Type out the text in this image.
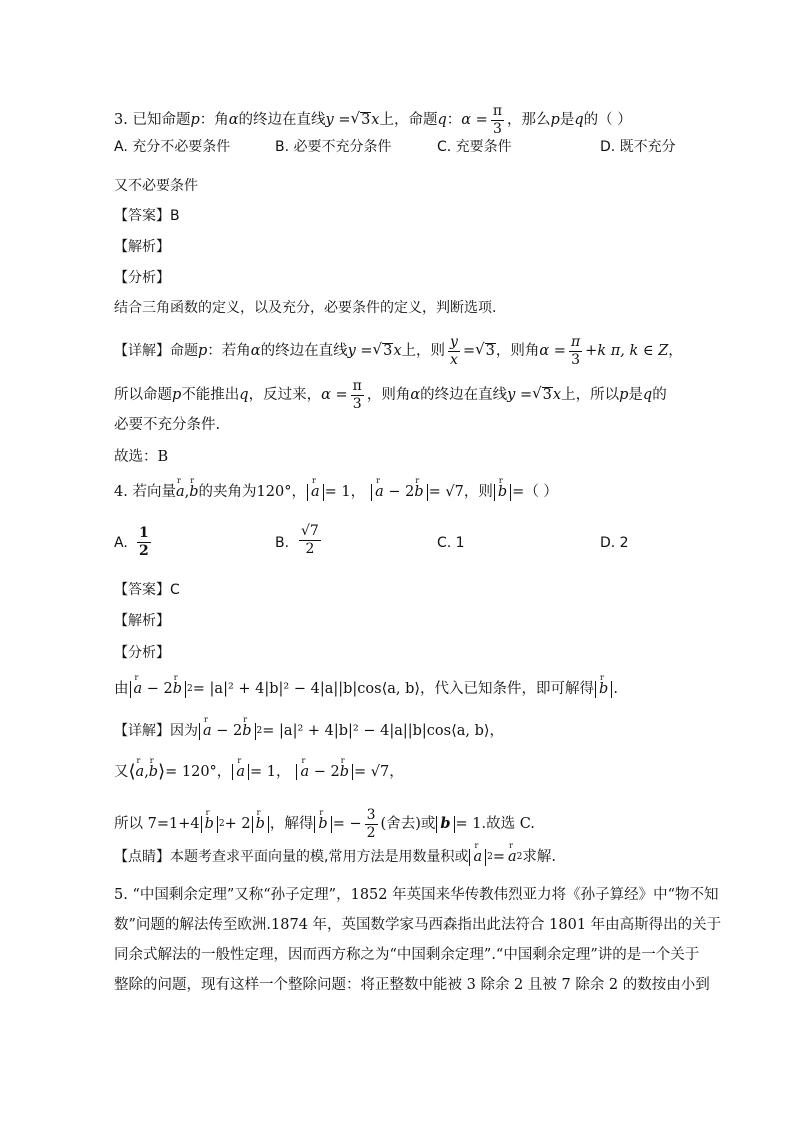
3. 已知命题 p ：角 α 的终边在直线 y = √ 3 x 上，命题 q ： $\alpha = \frac{\pi}{3}$ ，那么 p 是 q 的（ ）
A. 充分不必要条件	B. 必要不充分条件	C. 充要条件	D. 既不充分
又不必要条件
【答案】B
【解析】
【分析】
结合三角函数的定义，以及充分，必要条件的定义，判断选项.
【详解】命题 p ：若角 α 的终边在直线 y = √ 3 x 上，则 $\frac{y}{x}$ = √ 3 ，则角 $\alpha = \frac{\pi}{3} + k$ π, k ∈ Z ，
所以命题 p 不能推出 q ，反过来， $\alpha = \frac{\pi}{3}$ ，则角 α 的终边在直线 y = √ 3 x 上，所以 p 是 q 的
必要不充分条件.
故选：B
4. 若向量 r a , r b 的夹角为 120° ， r a = 1， r a − 2r b = √7 ，则 r b =（ ）
A. $\frac{1}{2}$	B. $\frac{√7}{2}$	C. 1	D. 2
【答案】C
【解析】
【分析】
由 r a − 2r b 2 = |a|² + 4|b|² − 4|a||b|cos⟨a, b⟩ ，代入已知条件，即可解得 r b .
【详解】因为 r a − 2r b 2 = |a|² + 4|b|² − 4|a||b|cos⟨a, b⟩ ，
又 ⟨ r a , r b ⟩ = 120°， r a = 1， r a − 2r b = √7 ，
所以 7=1+4 r b 2 + 2 r b ，解得 r b = − $\frac{3}{2}$ (舍去)或 b = 1.故选 C.
【点睛】本题考查求平面向量的模,常用方法是用数量积或 r a 2 = r a 2 求解.
5. “中国剩余定理”又称“孙子定理”，1852 年英国来华传教伟烈亚力将《孙子算经》中“物不知
数”问题的解法传至欧洲.1874 年，英国数学家马西森指出此法符合 1801 年由高斯得出的关于
同余式解法的一般性定理，因而西方称之为“中国剩余定理”.“中国剩余定理”讲的是一个关于
整除的问题，现有这样一个整除问题：将正整数中能被 3 除余 2 且被 7 除余 2 的数按由小到
